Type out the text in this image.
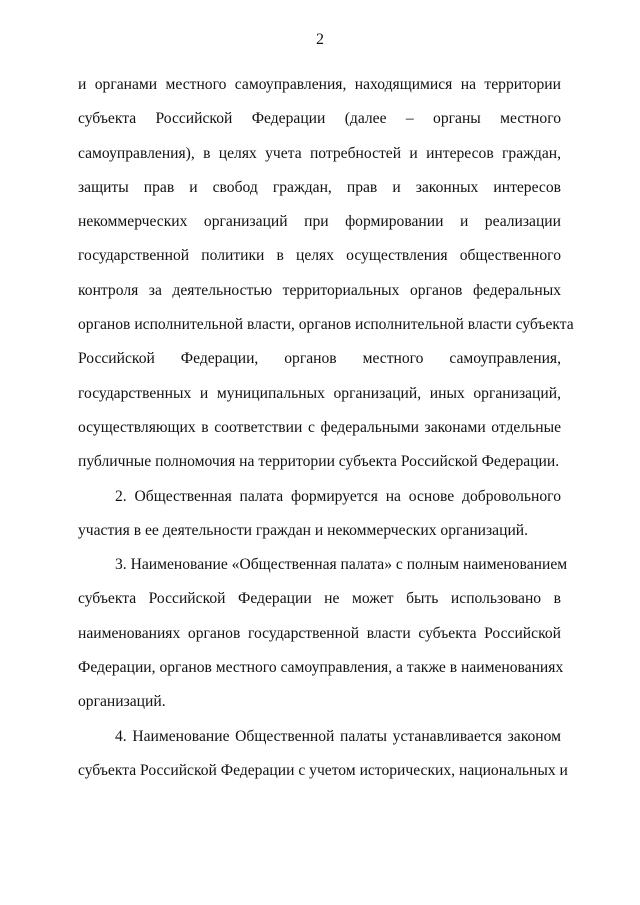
2
и органами местного самоуправления, находящимися на территории
субъекта Российской Федерации (далее – органы местного
самоуправления), в целях учета потребностей и интересов граждан,
защиты прав и свобод граждан, прав и законных интересов
некоммерческих организаций при формировании и реализации
государственной политики в целях осуществления общественного
контроля за деятельностью территориальных органов федеральных
органов исполнительной власти, органов исполнительной власти субъекта
Российской Федерации, органов местного самоуправления,
государственных и муниципальных организаций, иных организаций,
осуществляющих в соответствии с федеральными законами отдельные
публичные полномочия на территории субъекта Российской Федерации.
2. Общественная палата формируется на основе добровольного
участия в ее деятельности граждан и некоммерческих организаций.
3. Наименование «Общественная палата» с полным наименованием
субъекта Российской Федерации не может быть использовано в
наименованиях органов государственной власти субъекта Российской
Федерации, органов местного самоуправления, а также в наименованиях
организаций.
4. Наименование Общественной палаты устанавливается законом
субъекта Российской Федерации с учетом исторических, национальных и
